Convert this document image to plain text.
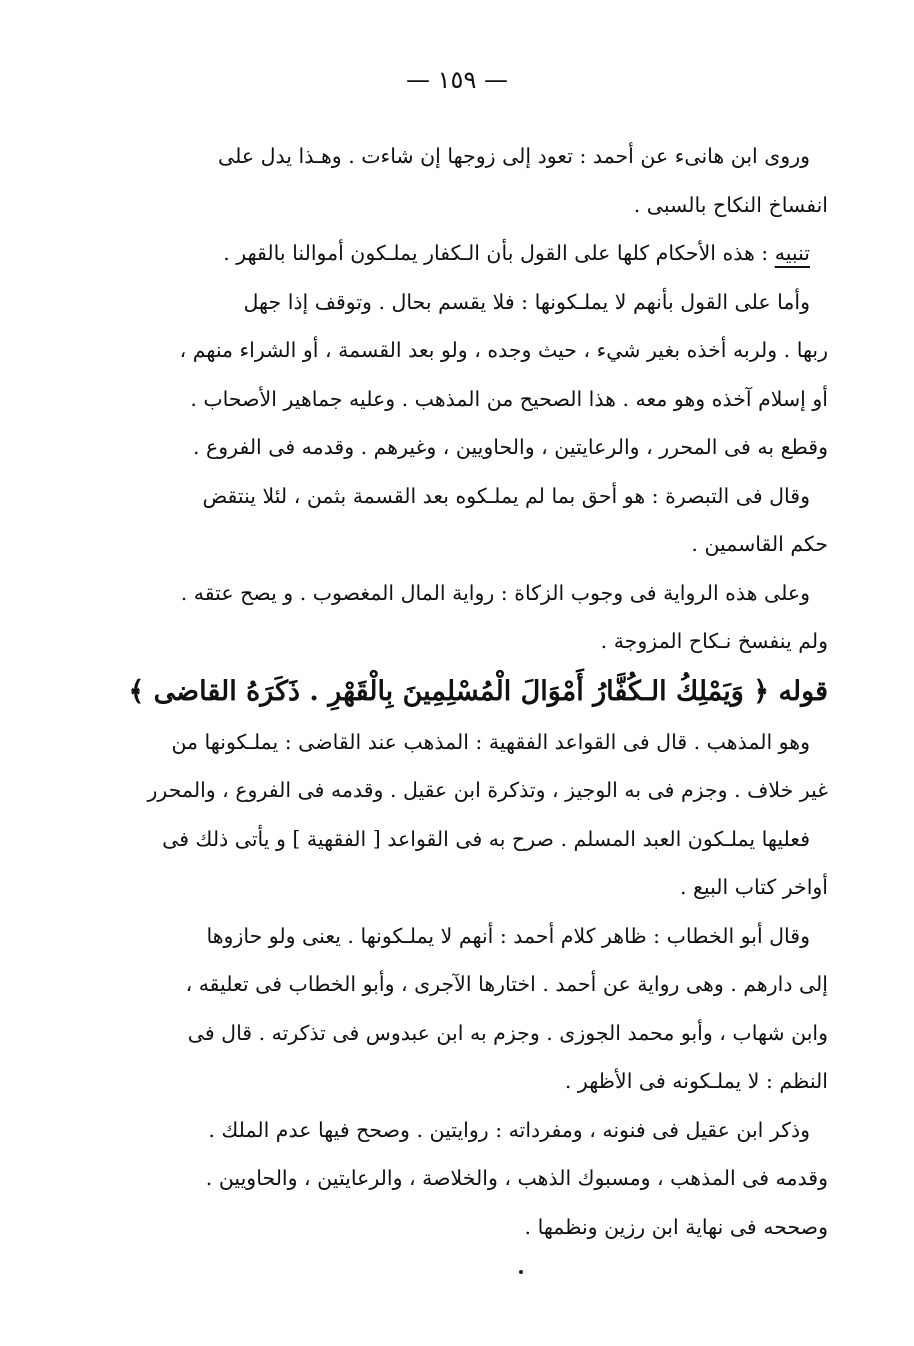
— ١٥٩ —
وروى ابن هانىء عن أحمد : تعود إلى زوجها إن شاءت . وهـذا يدل على
انفساخ النكاح بالسبى .
تنبيه : هذه الأحكام كلها على القول بأن الـكفار يملـكون أموالنا بالقهر .
وأما على القول بأنهم لا يملـكونها : فلا يقسم بحال . وتوقف إذا جهل
ربها . ولربه أخذه بغير شيء ، حيث وجده ، ولو بعد القسمة ، أو الشراء منهم ،
أو إسلام آخذه وهو معه . هذا الصحيح من المذهب . وعليه جماهير الأصحاب .
وقطع به فى المحرر ، والرعايتين ، والحاويين ، وغيرهم . وقدمه فى الفروع .
وقال فى التبصرة : هو أحق بما لم يملـكوه بعد القسمة بثمن ، لئلا ينتقض
حكم القاسمين .
وعلى هذه الرواية فى وجوب الزكاة : رواية المال المغصوب . و يصح عتقه .
ولم ينفسخ نـكاح المزوجة .
قوله ﴿ وَيَمْلِكُ الـكُفَّارُ أَمْوَالَ الْمُسْلِمِينَ بِالْقَهْرِ . ذَكَرَهُ القاضى ﴾
وهو المذهب . قال فى القواعد الفقهية : المذهب عند القاضى : يملـكونها من
غير خلاف . وجزم فى به الوجيز ، وتذكرة ابن عقيل . وقدمه فى الفروع ، والمحرر
فعليها يملـكون العبد المسلم . صرح به فى القواعد [ الفقهية ] و يأتى ذلك فى
أواخر كتاب البيع .
وقال أبو الخطاب : ظاهر كلام أحمد : أنهم لا يملـكونها . يعنى ولو حازوها
إلى دارهم . وهى رواية عن أحمد . اختارها الآجرى ، وأبو الخطاب فى تعليقه ،
وابن شهاب ، وأبو محمد الجوزى . وجزم به ابن عبدوس فى تذكرته . قال فى
النظم : لا يملـكونه فى الأظهر .
وذكر ابن عقيل فى فنونه ، ومفرداته : روايتين . وصحح فيها عدم الملك .
وقدمه فى المذهب ، ومسبوك الذهب ، والخلاصة ، والرعايتين ، والحاويين .
وصححه فى نهاية ابن رزين ونظمها .
